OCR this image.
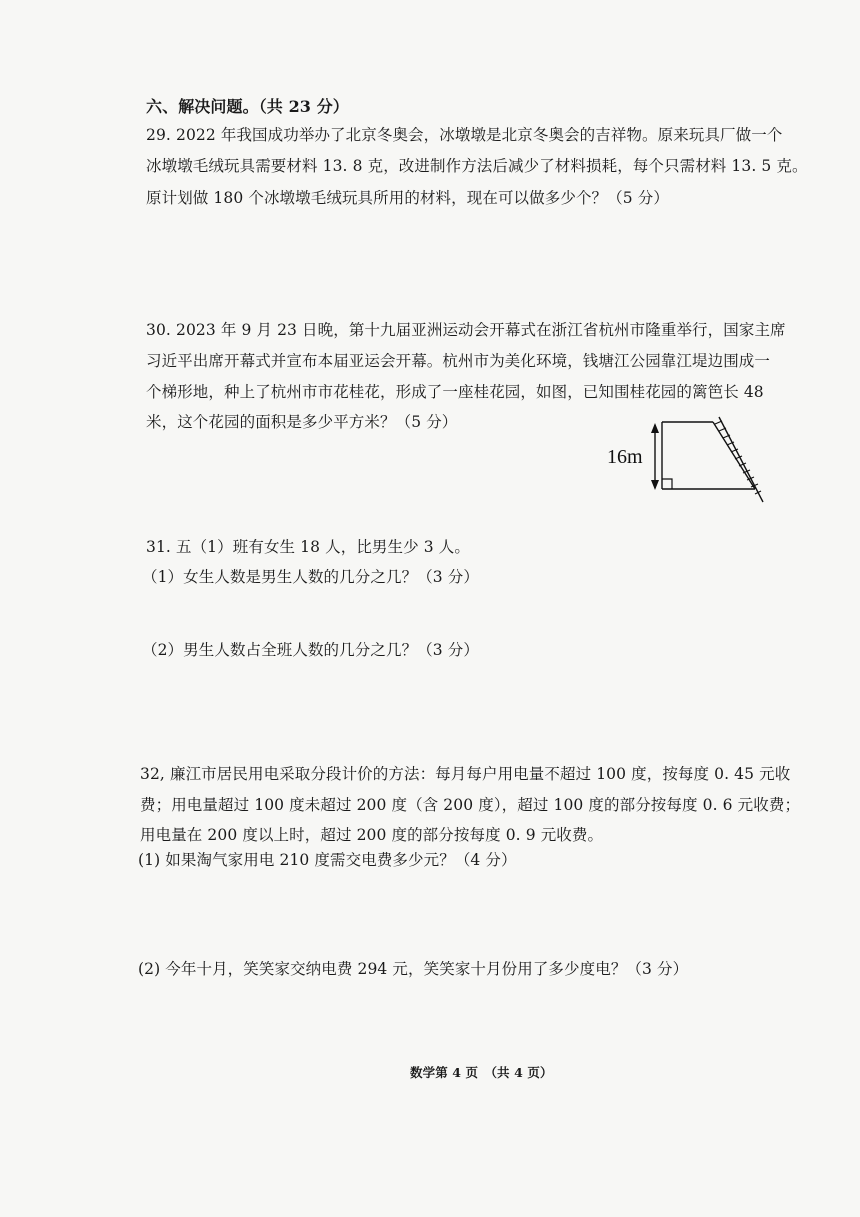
六、解决问题。（共 23 分）
29. 2022 年我国成功举办了北京冬奥会，冰墩墩是北京冬奥会的吉祥物。原来玩具厂做一个
冰墩墩毛绒玩具需要材料 13. 8 克，改进制作方法后减少了材料损耗，每个只需材料 13. 5 克。
原计划做 180 个冰墩墩毛绒玩具所用的材料，现在可以做多少个？（5 分）
30. 2023 年 9 月 23 日晚，第十九届亚洲运动会开幕式在浙江省杭州市隆重举行，国家主席
习近平出席开幕式并宣布本届亚运会开幕。杭州市为美化环境，钱塘江公园靠江堤边围成一
个梯形地，种上了杭州市市花桂花，形成了一座桂花园，如图，已知围桂花园的篱笆长 48
米，这个花园的面积是多少平方米？（5 分）
16m
31. 五（1）班有女生 18 人，比男生少 3 人。
（1）女生人数是男生人数的几分之几？（3 分）
（2）男生人数占全班人数的几分之几？（3 分）
32, 廉江市居民用电采取分段计价的方法：每月每户用电量不超过 100 度，按每度 0. 45 元收
费；用电量超过 100 度未超过 200 度（含 200 度），超过 100 度的部分按每度 0. 6 元收费；
用电量在 200 度以上时，超过 200 度的部分按每度 0. 9 元收费。
(1) 如果淘气家用电 210 度需交电费多少元？（4 分）
(2) 今年十月，笑笑家交纳电费 294 元，笑笑家十月份用了多少度电？（3 分）
数学第 4 页　（共 4 页）
